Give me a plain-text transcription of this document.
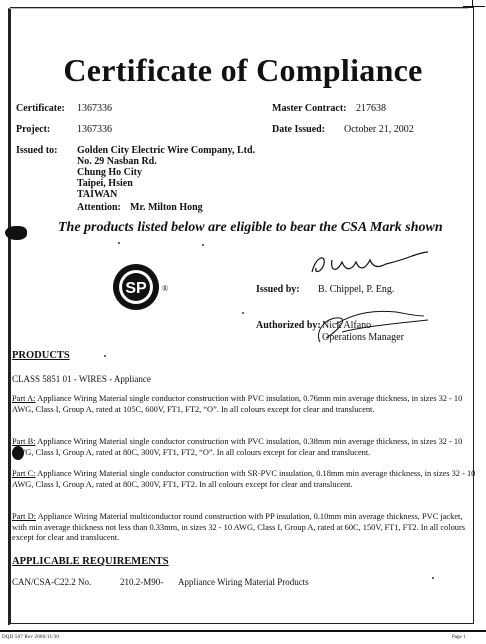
Certificate of Compliance
Certificate: 1367336	Master Contract: 217638
Project:	1367336	Date Issued: October 21, 2002
Issued to: Golden City Electric Wire Company, Ltd.
No. 29 Nasban Rd.
Chung Ho City
Taipei, Hsien
TAIWAN
Attention: Mr. Milton Hong
The products listed below are eligible to bear the CSA Mark shown
SP ®	Issued by: B. Chippel, P. Eng.
Authorized by: Nick Alfano
Operations Manager
PRODUCTS
CLASS 5851 01 - WIRES - Appliance
Part A: Appliance Wiring Material single conductor construction with PVC insulation, 0.76mm min average thickness, in sizes 32 - 10 AWG, Class I, Group A, rated at 105C, 600V, FT1, FT2, “O”. In all colours except for clear and translucent.
Part B: Appliance Wiring Material single conductor construction with PVC insulation, 0.38mm min average thickness, in sizes 32 - 10 AWG, Class I, Group A, rated at 80C, 300V, FT1, FT2, “O”. In all colours except for clear and translucent.
Part C: Appliance Wiring Material single conductor construction with SR-PVC insulation, 0.18mm min average thickness, in sizes 32 - 10 AWG, Class I, Group A, rated at 80C, 300V, FT1, FT2. In all colours except for clear and translucent.
Part D: Appliance Wiring Material multiconductor round construction with PP insulation, 0.10mm min average thickness, PVC jacket, with min average thickness not less than 0.33mm, in sizes 32 - 10 AWG, Class I, Group A, rated at 60C, 150V, FT1, FT2. In all colours except for clear and translucent.
APPLICABLE REQUIREMENTS
CAN/CSA-C22.2 No.	210.2-M90- Appliance Wiring Material Products
DQD 507 Rev 2000/11/30	Page 1
